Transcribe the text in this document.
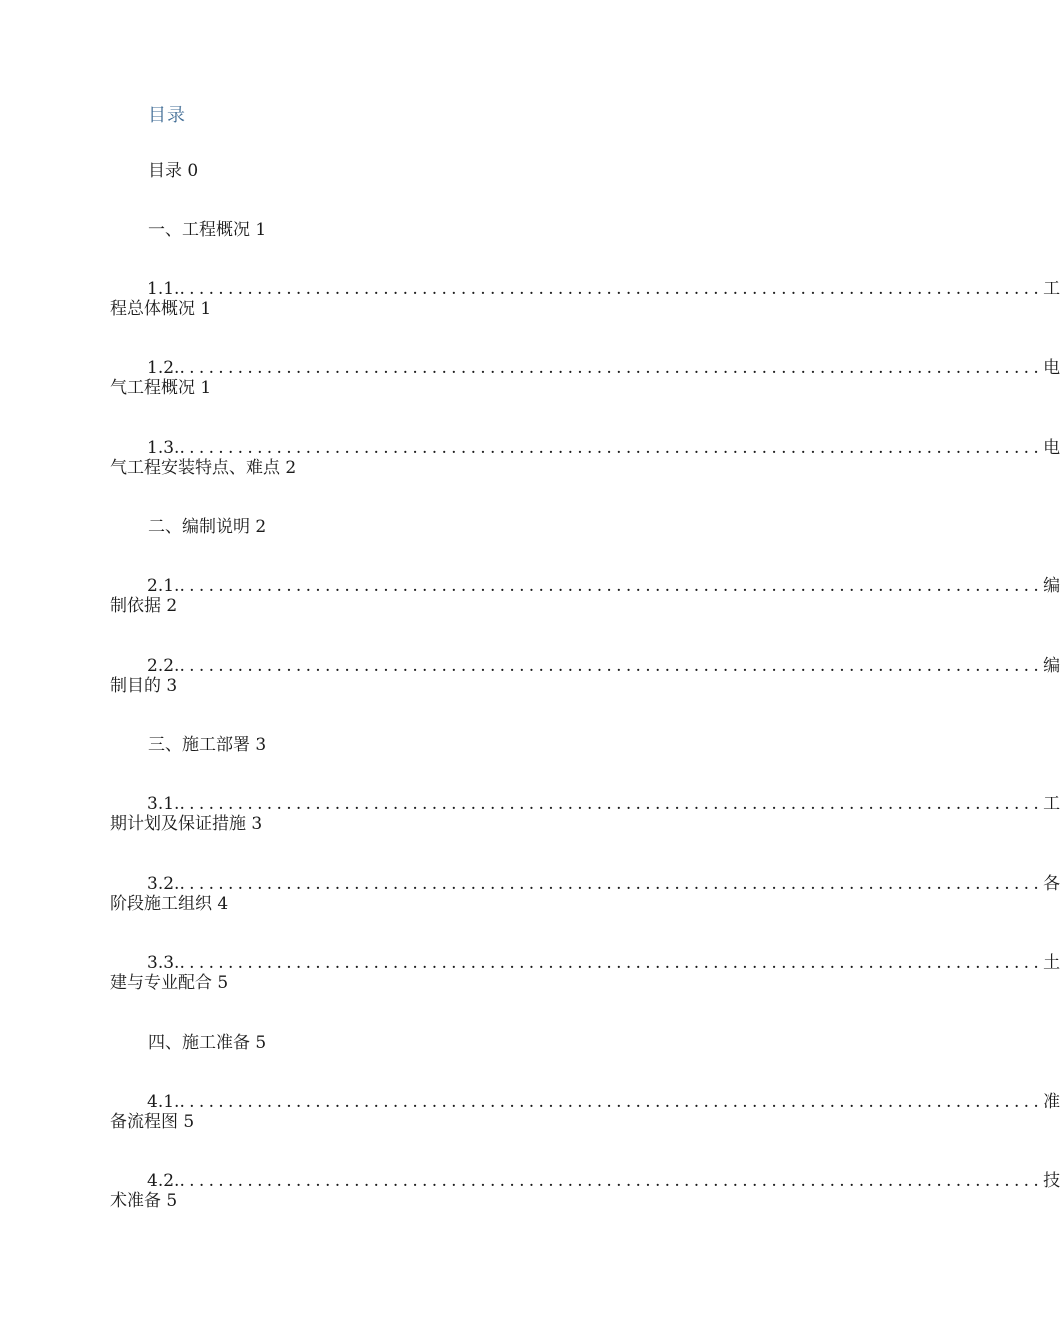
目录
目录 0
一、工程概况 1
1.1. ......................................................................................... 工
程总体概况 1
1.2. ......................................................................................... 电
气工程概况 1
1.3. ......................................................................................... 电
气工程安装特点、难点 2
二、编制说明 2
2.1. ......................................................................................... 编
制依据 2
2.2. ......................................................................................... 编
制目的 3
三、施工部署 3
3.1. ......................................................................................... 工
期计划及保证措施 3
3.2. ......................................................................................... 各
阶段施工组织 4
3.3. ......................................................................................... 土
建与专业配合 5
四、施工准备 5
4.1. ......................................................................................... 准
备流程图 5
4.2. ......................................................................................... 技
术准备 5
